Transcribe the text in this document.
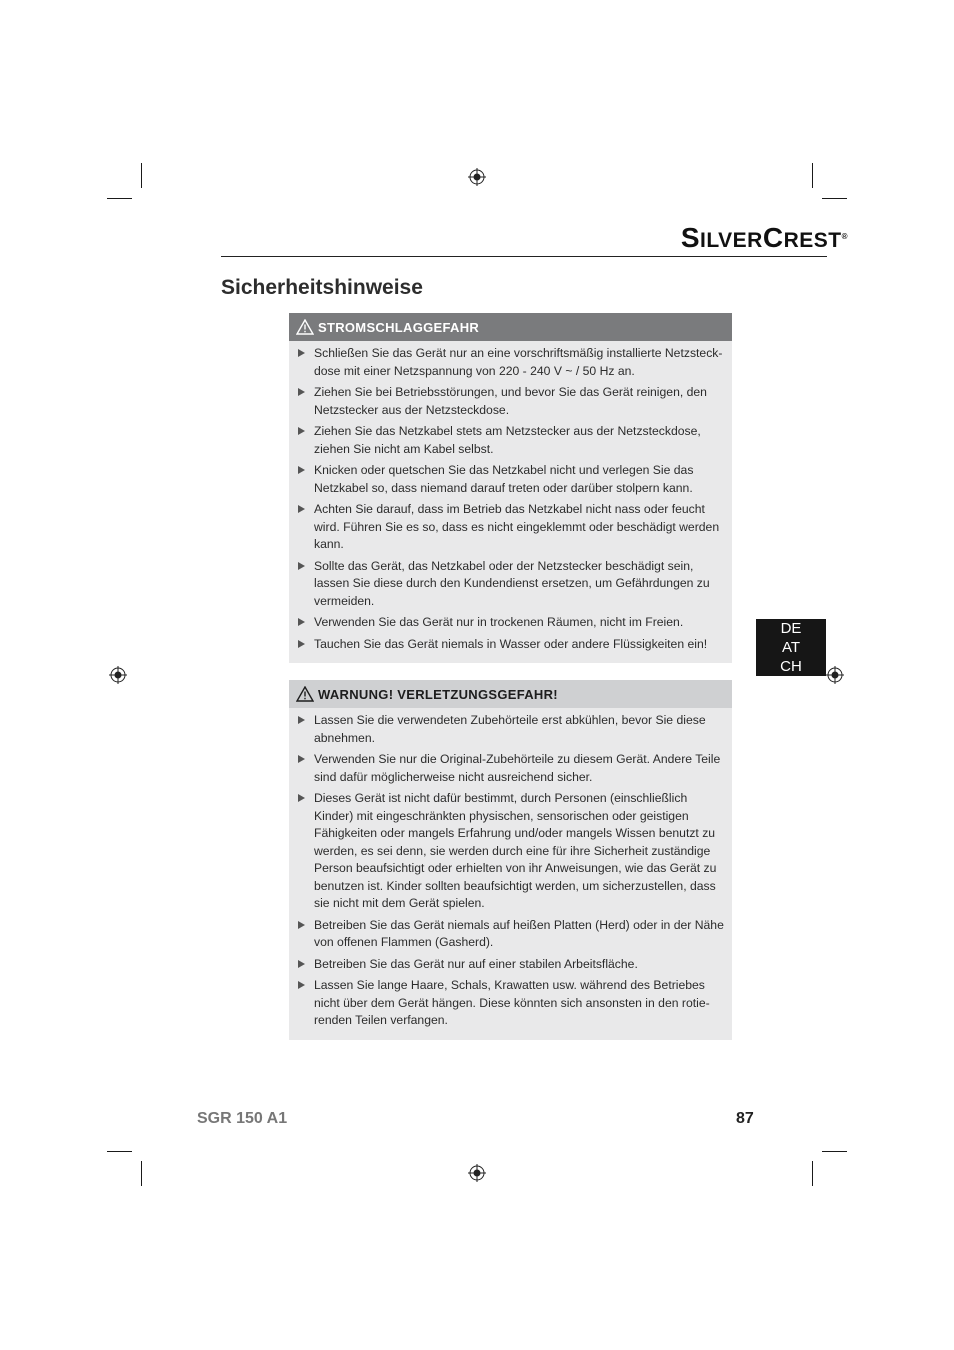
SILVERCREST®
Sicherheitshinweise
STROMSCHLAGGEFAHR
Schließen Sie das Gerät nur an eine vorschriftsmäßig installierte Netzsteck-dose mit einer Netzspannung von 220 - 240 V ~ / 50 Hz an.
Ziehen Sie bei Betriebsstörungen, und bevor Sie das Gerät reinigen, den Netzstecker aus der Netzsteckdose.
Ziehen Sie das Netzkabel stets am Netzstecker aus der Netzsteckdose, ziehen Sie nicht am Kabel selbst.
Knicken oder quetschen Sie das Netzkabel nicht und verlegen Sie das Netzkabel so, dass niemand darauf treten oder darüber stolpern kann.
Achten Sie darauf, dass im Betrieb das Netzkabel nicht nass oder feucht wird. Führen Sie es so, dass es nicht eingeklemmt oder beschädigt werden kann.
Sollte das Gerät, das Netzkabel oder der Netzstecker beschädigt sein, lassen Sie diese durch den Kundendienst ersetzen, um Gefährdungen zu vermeiden.
Verwenden Sie das Gerät nur in trockenen Räumen, nicht im Freien.
Tauchen Sie das Gerät niemals in Wasser oder andere Flüssigkeiten ein!
WARNUNG! VERLETZUNGSGEFAHR!
Lassen Sie die verwendeten Zubehörteile erst abkühlen, bevor Sie diese abnehmen.
Verwenden Sie nur die Original-Zubehörteile zu diesem Gerät. Andere Teile sind dafür möglicherweise nicht ausreichend sicher.
Dieses Gerät ist nicht dafür bestimmt, durch Personen (einschließlich Kinder) mit eingeschränkten physischen, sensorischen oder geistigen Fähigkeiten oder mangels Erfahrung und/oder mangels Wissen benutzt zu werden, es sei denn, sie werden durch eine für ihre Sicherheit zuständige Person beaufsichtigt oder erhielten von ihr Anweisungen, wie das Gerät zu benutzen ist. Kinder sollten beaufsichtigt werden, um sicherzustellen, dass sie nicht mit dem Gerät spielen.
Betreiben Sie das Gerät niemals auf heißen Platten (Herd) oder in der Nähe von offenen Flammen (Gasherd).
Betreiben Sie das Gerät nur auf einer stabilen Arbeitsfläche.
Lassen Sie lange Haare, Schals, Krawatten usw. während des Betriebes nicht über dem Gerät hängen. Diese könnten sich ansonsten in den rotie-renden Teilen verfangen.
DE
AT
CH
SGR 150 A1	87
